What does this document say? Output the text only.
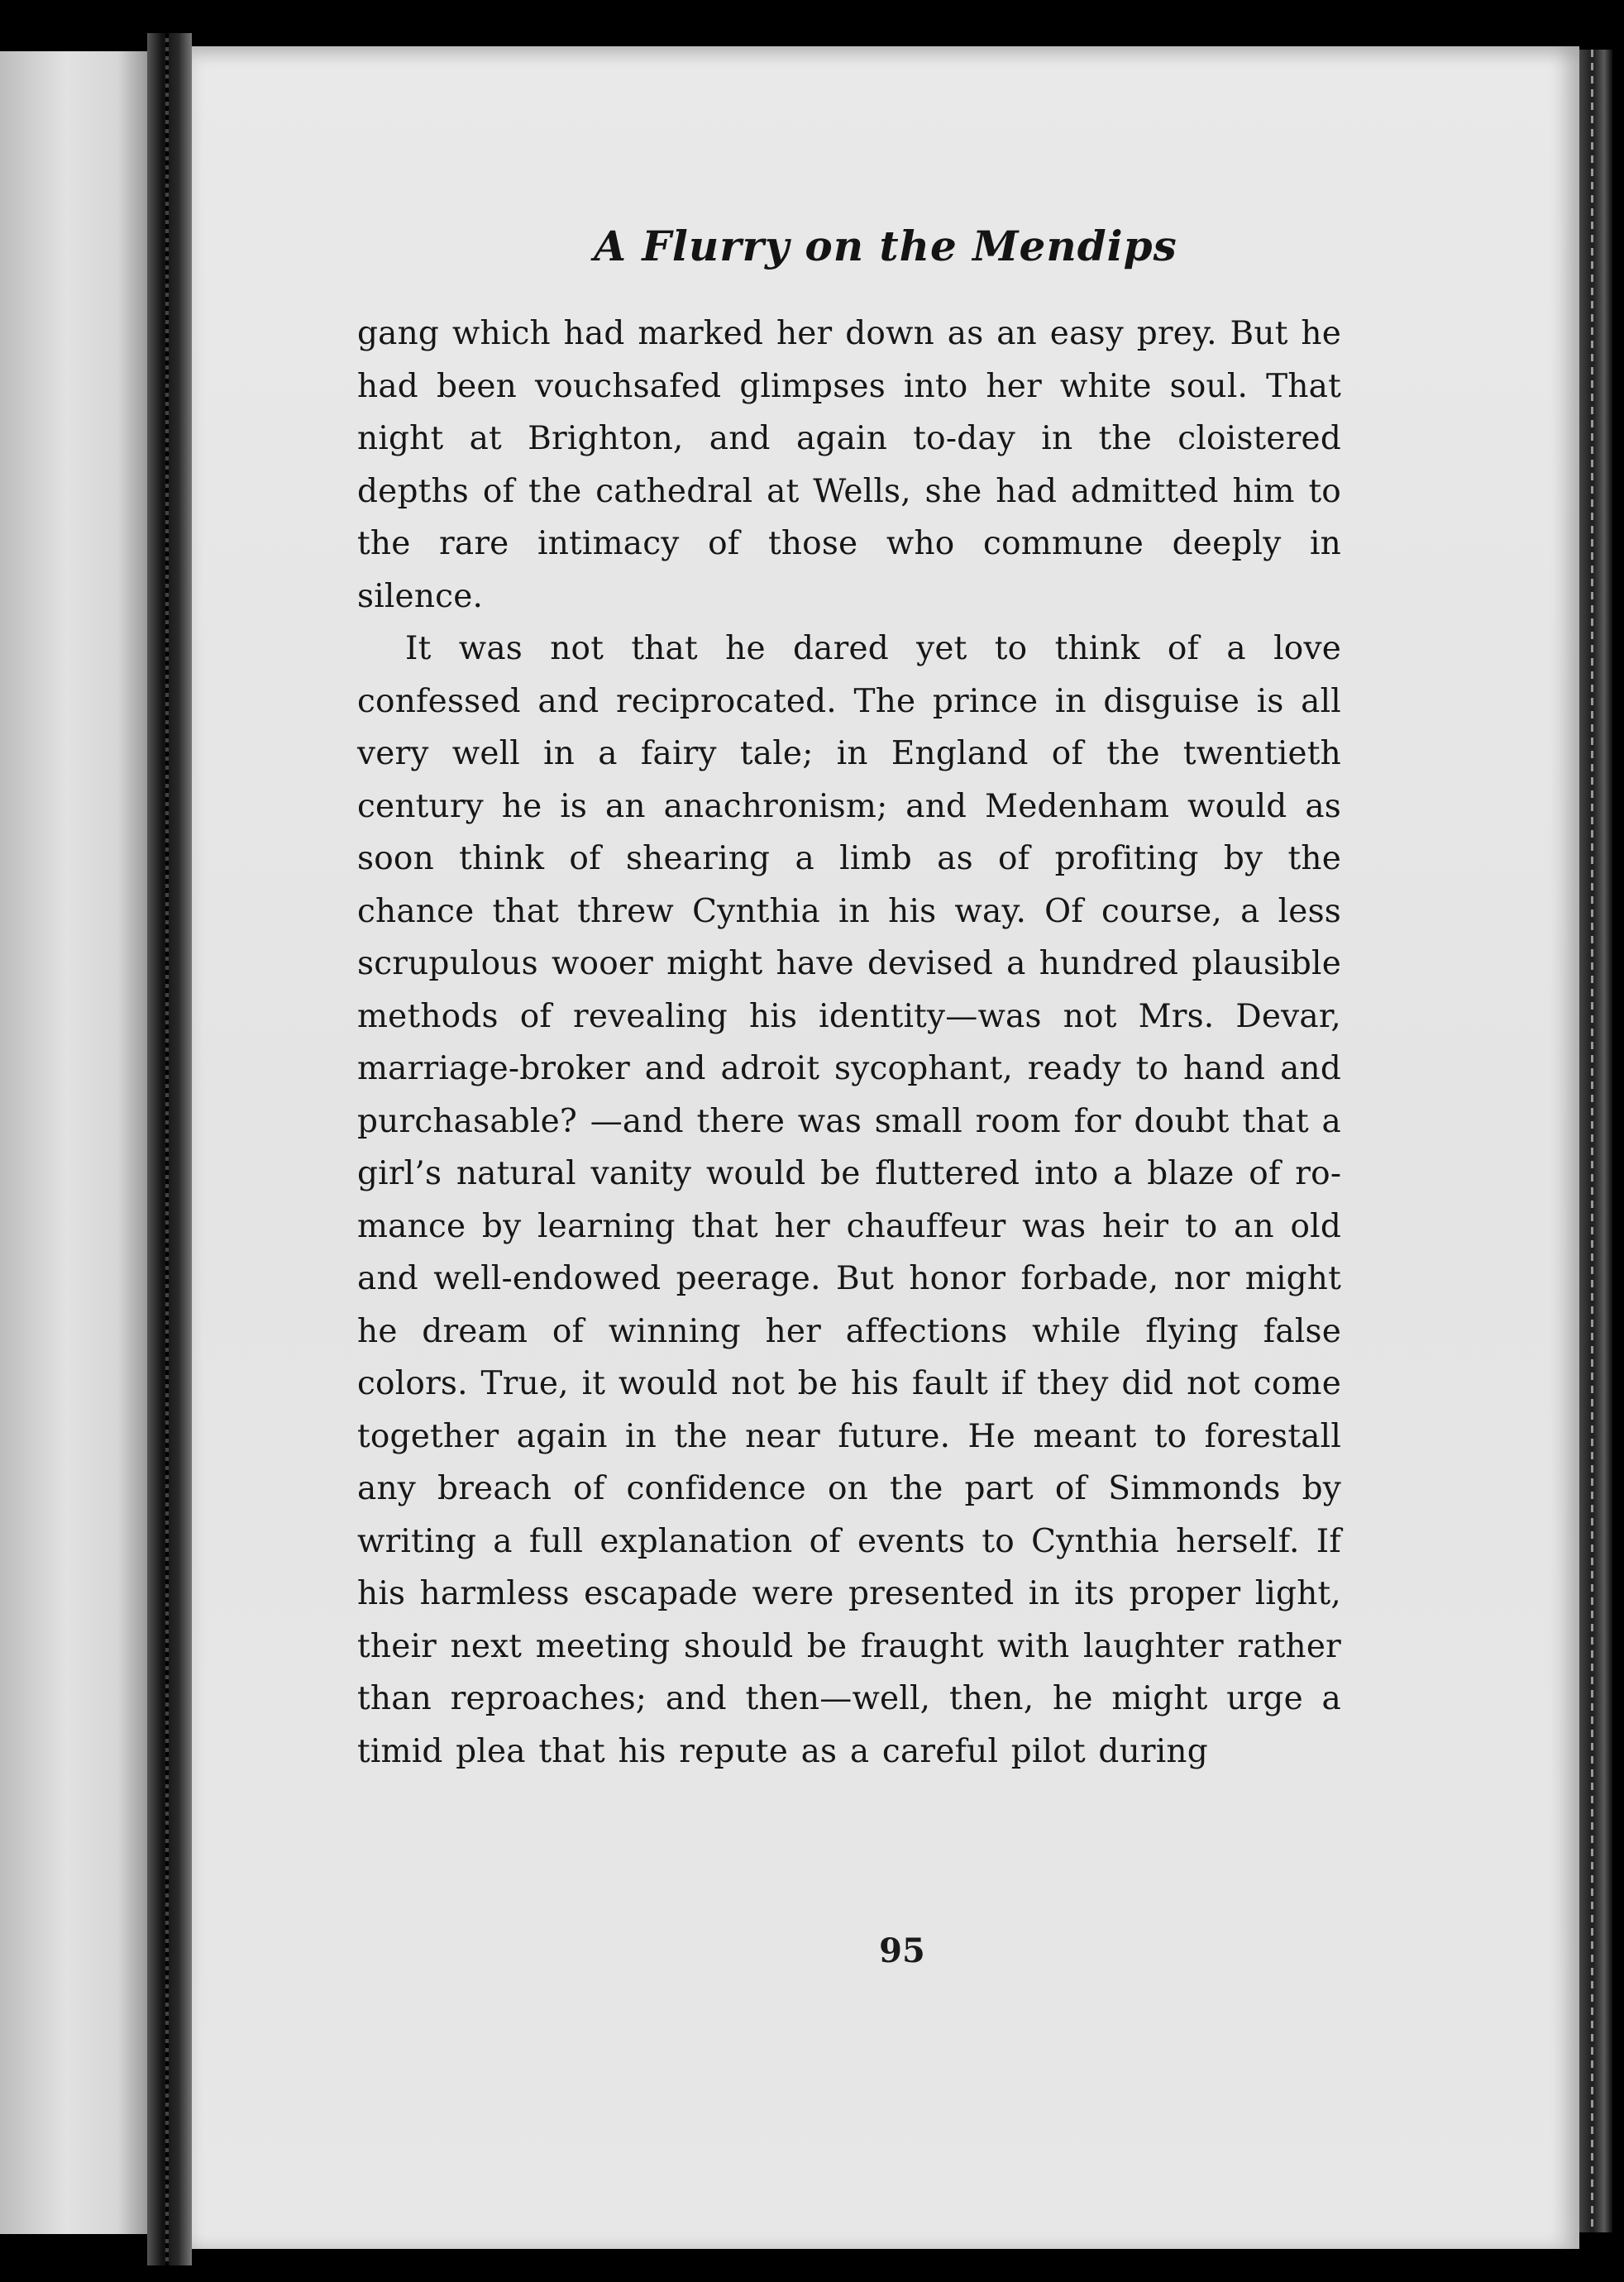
A Flurry on the Mendips

gang which had marked her down as an easy prey. But he had been vouchsafed glimpses into her white soul. That night at Brighton, and again to-day in the cloistered depths of the cathedral at Wells, she had admitted him to the rare intimacy of those who commune deeply in silence.

It was not that he dared yet to think of a love confessed and reciprocated. The prince in disguise is all very well in a fairy tale; in England of the twentieth century he is an anachronism; and Medenham would as soon think of shearing a limb as of profiting by the chance that threw Cynthia in his way. Of course, a less scrupulous wooer might have devised a hundred plausible methods of revealing his identity—was not Mrs. Devar, marriage-broker and adroit sycophant, ready to hand and purchasable? —and there was small room for doubt that a girl’s natural vanity would be fluttered into a blaze of romance by learning that her chauffeur was heir to an old and well-endowed peerage. But honor forbade, nor might he dream of winning her affections while flying false colors. True, it would not be his fault if they did not come together again in the near future. He meant to forestall any breach of confidence on the part of Simmonds by writing a full explanation of events to Cynthia herself. If his harmless escapade were presented in its proper light, their next meeting should be fraught with laughter rather than reproaches; and then—well, then, he might urge a timid plea that his repute as a careful pilot during

95
